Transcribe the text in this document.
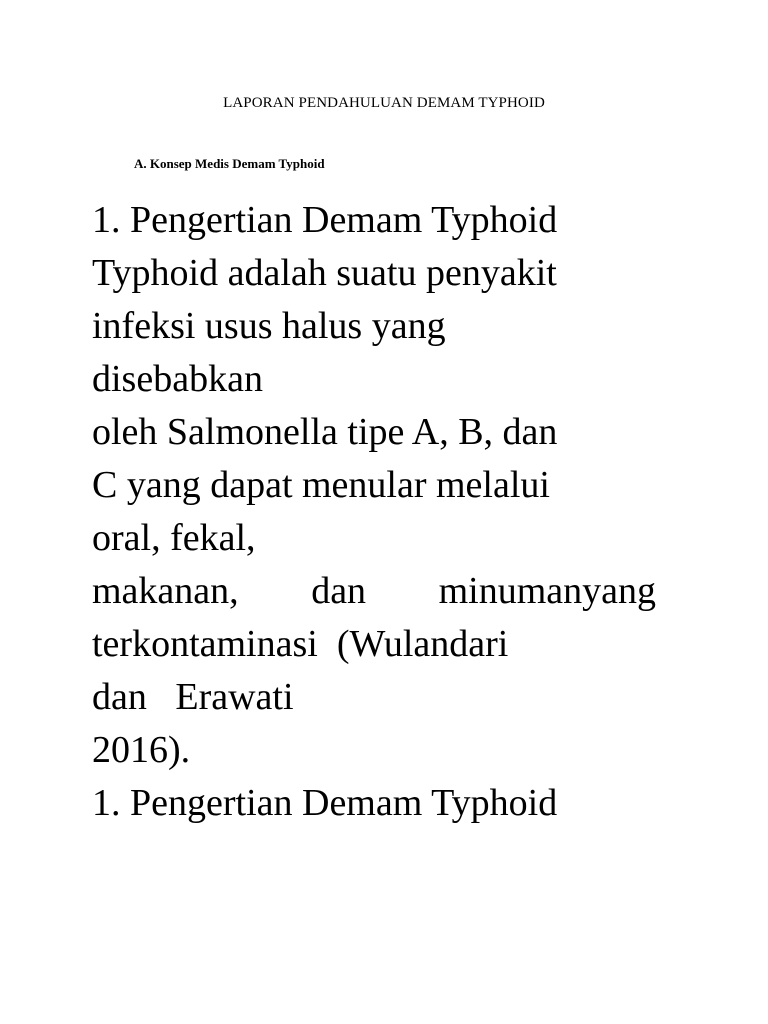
LAPORAN PENDAHULUAN DEMAM TYPHOID
A. Konsep Medis Demam Typhoid
1. Pengertian Demam Typhoid
Typhoid adalah suatu penyakit
infeksi usus halus yang
disebabkan
oleh Salmonella tipe A, B, dan
C yang dapat menular melalui
oral, fekal,
makanan, dan minumanyang
terkontaminasi  (Wulandari
dan   Erawati
2016).
1. Pengertian Demam Typhoid
